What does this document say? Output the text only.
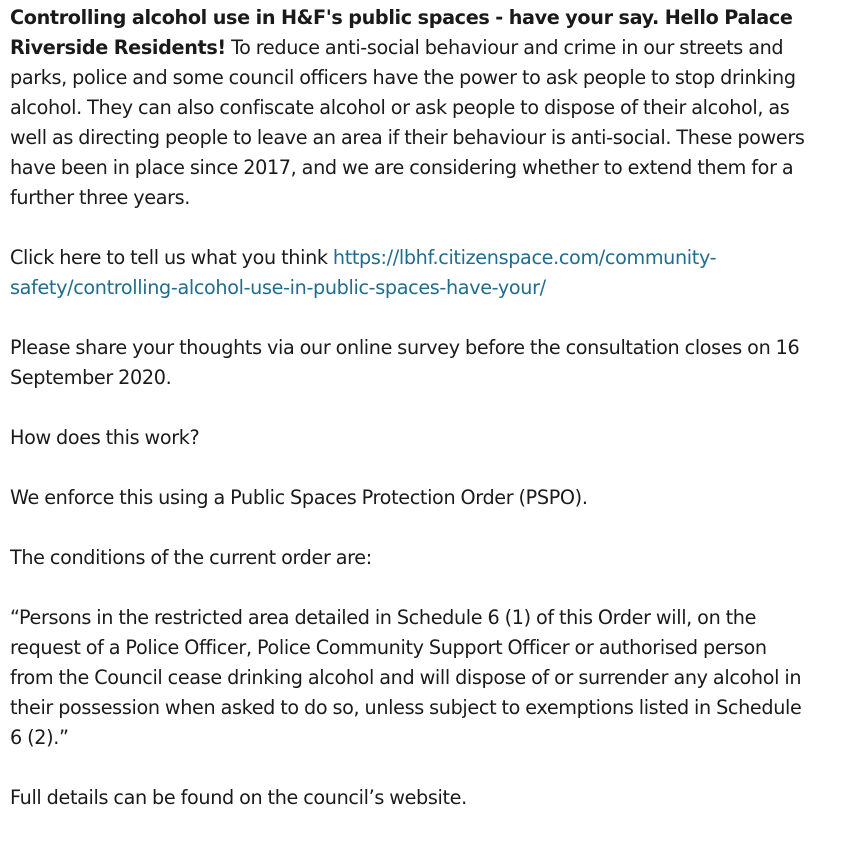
Controlling alcohol use in H&F's public spaces - have your say. Hello Palace Riverside Residents! To reduce anti-social behaviour and crime in our streets and parks, police and some council officers have the power to ask people to stop drinking alcohol. They can also confiscate alcohol or ask people to dispose of their alcohol, as well as directing people to leave an area if their behaviour is anti-social. These powers have been in place since 2017, and we are considering whether to extend them for a further three years.

Click here to tell us what you think https://lbhf.citizenspace.com/community-safety/controlling-alcohol-use-in-public-spaces-have-your/

Please share your thoughts via our online survey before the consultation closes on 16 September 2020.

How does this work?

We enforce this using a Public Spaces Protection Order (PSPO).

The conditions of the current order are:

“Persons in the restricted area detailed in Schedule 6 (1) of this Order will, on the request of a Police Officer, Police Community Support Officer or authorised person from the Council cease drinking alcohol and will dispose of or surrender any alcohol in their possession when asked to do so, unless subject to exemptions listed in Schedule 6 (2).”

Full details can be found on the council’s website.
